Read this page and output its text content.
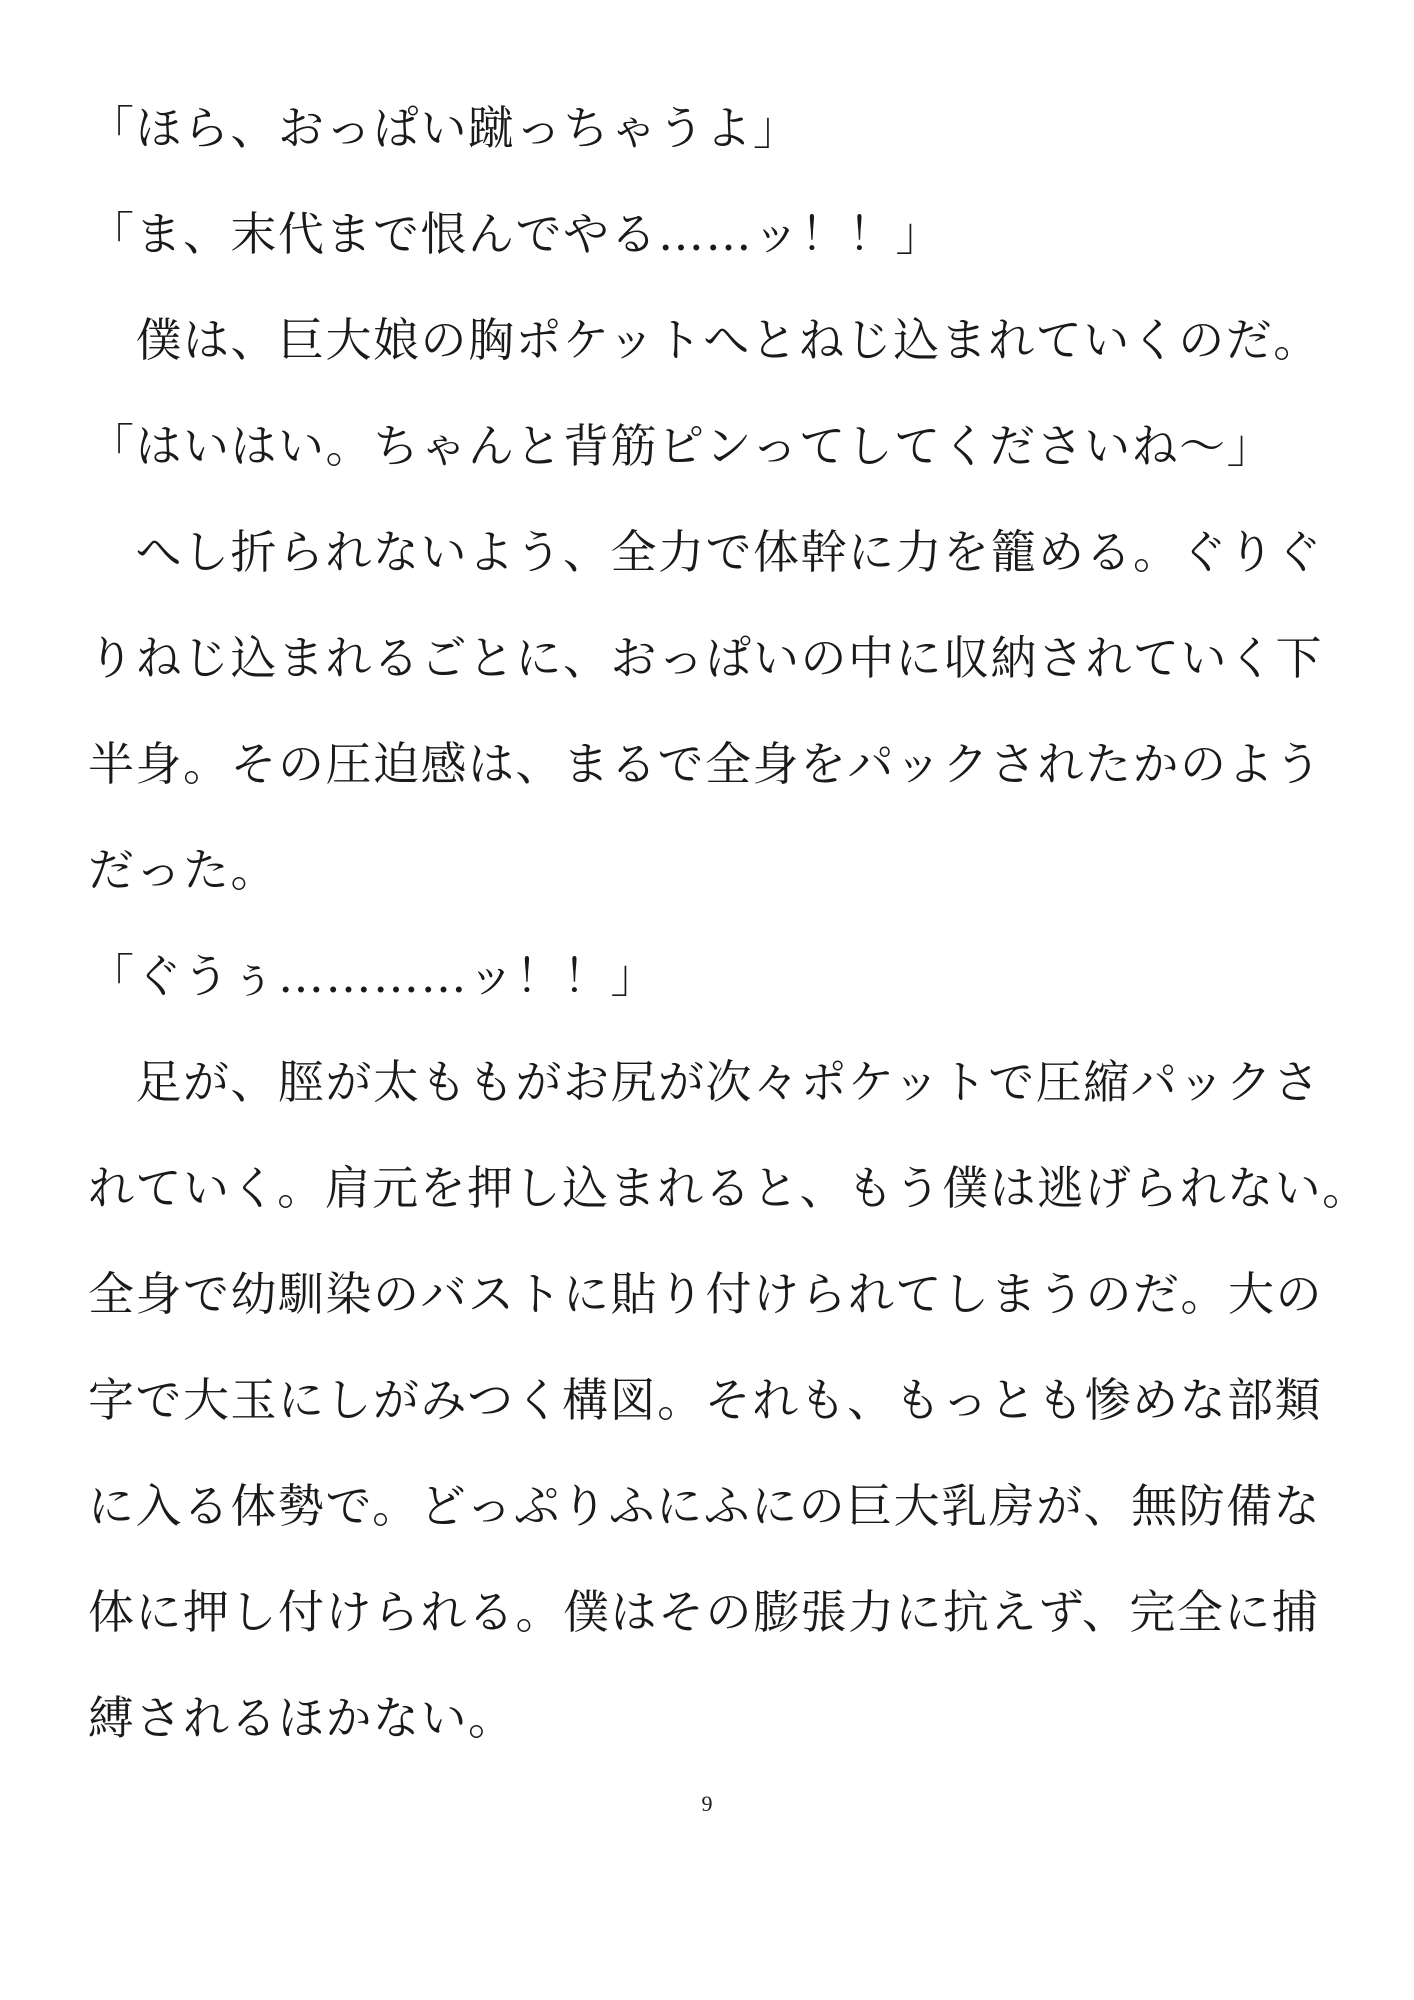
「ほら、おっぱい蹴っちゃうよ」
「ま、末代まで恨んでやる……ッ！！」
　僕は、巨大娘の胸ポケットへとねじ込まれていくのだ。
「はいはい。ちゃんと背筋ピンってしてくださいね～」
　へし折られないよう、全力で体幹に力を籠める。ぐりぐ
りねじ込まれるごとに、おっぱいの中に収納されていく下
半身。その圧迫感は、まるで全身をパックされたかのよう
だった。
「ぐうぅ…………ッ！！」
　足が、脛が太ももがお尻が次々ポケットで圧縮パックさ
れていく。肩元を押し込まれると、もう僕は逃げられない。
全身で幼馴染のバストに貼り付けられてしまうのだ。大の
字で大玉にしがみつく構図。それも、もっとも惨めな部類
に入る体勢で。どっぷりふにふにの巨大乳房が、無防備な
体に押し付けられる。僕はその膨張力に抗えず、完全に捕
縛されるほかない。
9
